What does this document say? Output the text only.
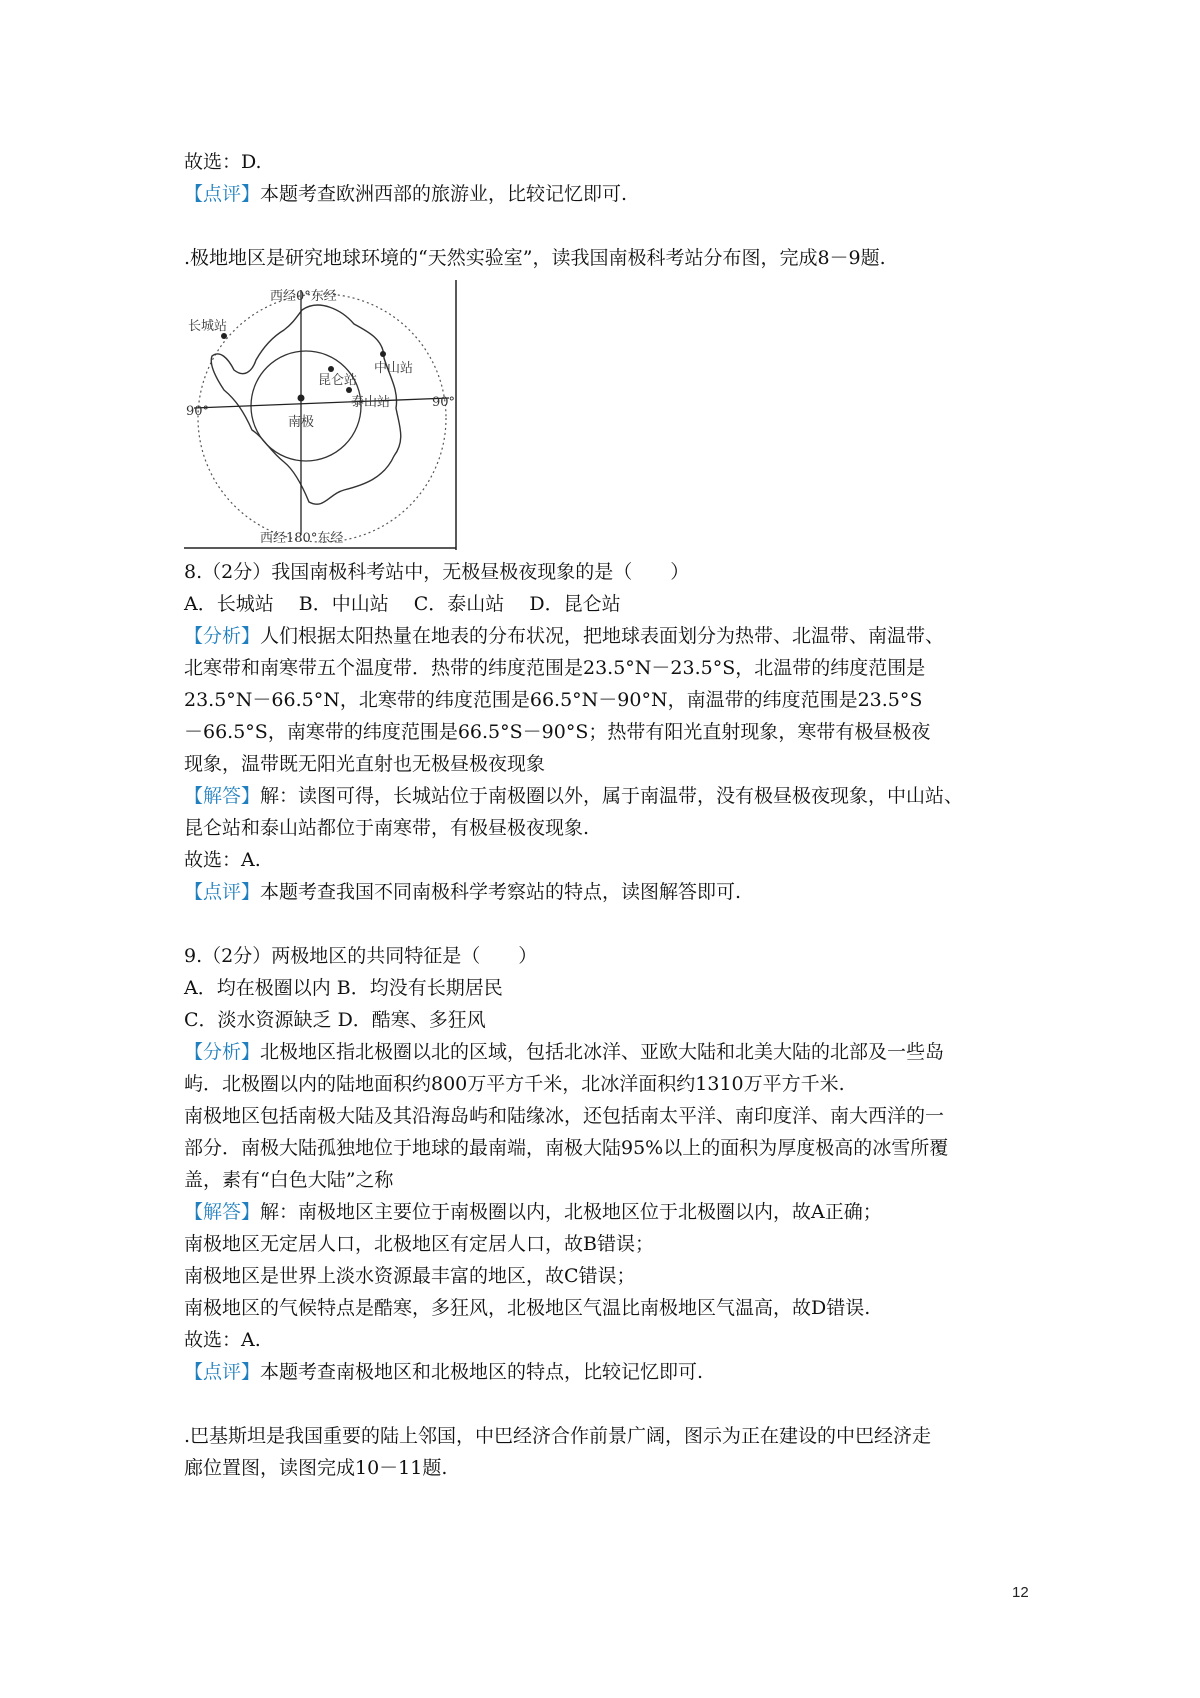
故选：D.
【点评】本题考查欧洲西部的旅游业，比较记忆即可.
.极地地区是研究地球环境的“天然实验室”，读我国南极科考站分布图，完成8－9题.
西经0°东经
西经180°东经
90°
90°
长城站
中山站
昆仑站
泰山站
南极
8.（2分）我国南极科考站中，无极昼极夜现象的是（　　）
A．长城站　 B．中山站　 C．泰山站　 D．昆仑站
【分析】人们根据太阳热量在地表的分布状况，把地球表面划分为热带、北温带、南温带、
北寒带和南寒带五个温度带．热带的纬度范围是23.5°N－23.5°S，北温带的纬度范围是
23.5°N－66.5°N，北寒带的纬度范围是66.5°N－90°N，南温带的纬度范围是23.5°S
－66.5°S，南寒带的纬度范围是66.5°S－90°S；热带有阳光直射现象，寒带有极昼极夜
现象，温带既无阳光直射也无极昼极夜现象
【解答】解：读图可得，长城站位于南极圈以外，属于南温带，没有极昼极夜现象，中山站、
昆仑站和泰山站都位于南寒带，有极昼极夜现象.
故选：A.
【点评】本题考查我国不同南极科学考察站的特点，读图解答即可.
9.（2分）两极地区的共同特征是（　　）
A．均在极圈以内 B．均没有长期居民
C．淡水资源缺乏 D．酷寒、多狂风
【分析】北极地区指北极圈以北的区域，包括北冰洋、亚欧大陆和北美大陆的北部及一些岛
屿．北极圈以内的陆地面积约800万平方千米，北冰洋面积约1310万平方千米.
南极地区包括南极大陆及其沿海岛屿和陆缘冰，还包括南太平洋、南印度洋、南大西洋的一
部分．南极大陆孤独地位于地球的最南端，南极大陆95%以上的面积为厚度极高的冰雪所覆
盖，素有“白色大陆”之称
【解答】解：南极地区主要位于南极圈以内，北极地区位于北极圈以内，故A正确；
南极地区无定居人口，北极地区有定居人口，故B错误；
南极地区是世界上淡水资源最丰富的地区，故C错误；
南极地区的气候特点是酷寒，多狂风，北极地区气温比南极地区气温高，故D错误.
故选：A.
【点评】本题考查南极地区和北极地区的特点，比较记忆即可.
.巴基斯坦是我国重要的陆上邻国，中巴经济合作前景广阔，图示为正在建设的中巴经济走
廊位置图，读图完成10－11题.
12
